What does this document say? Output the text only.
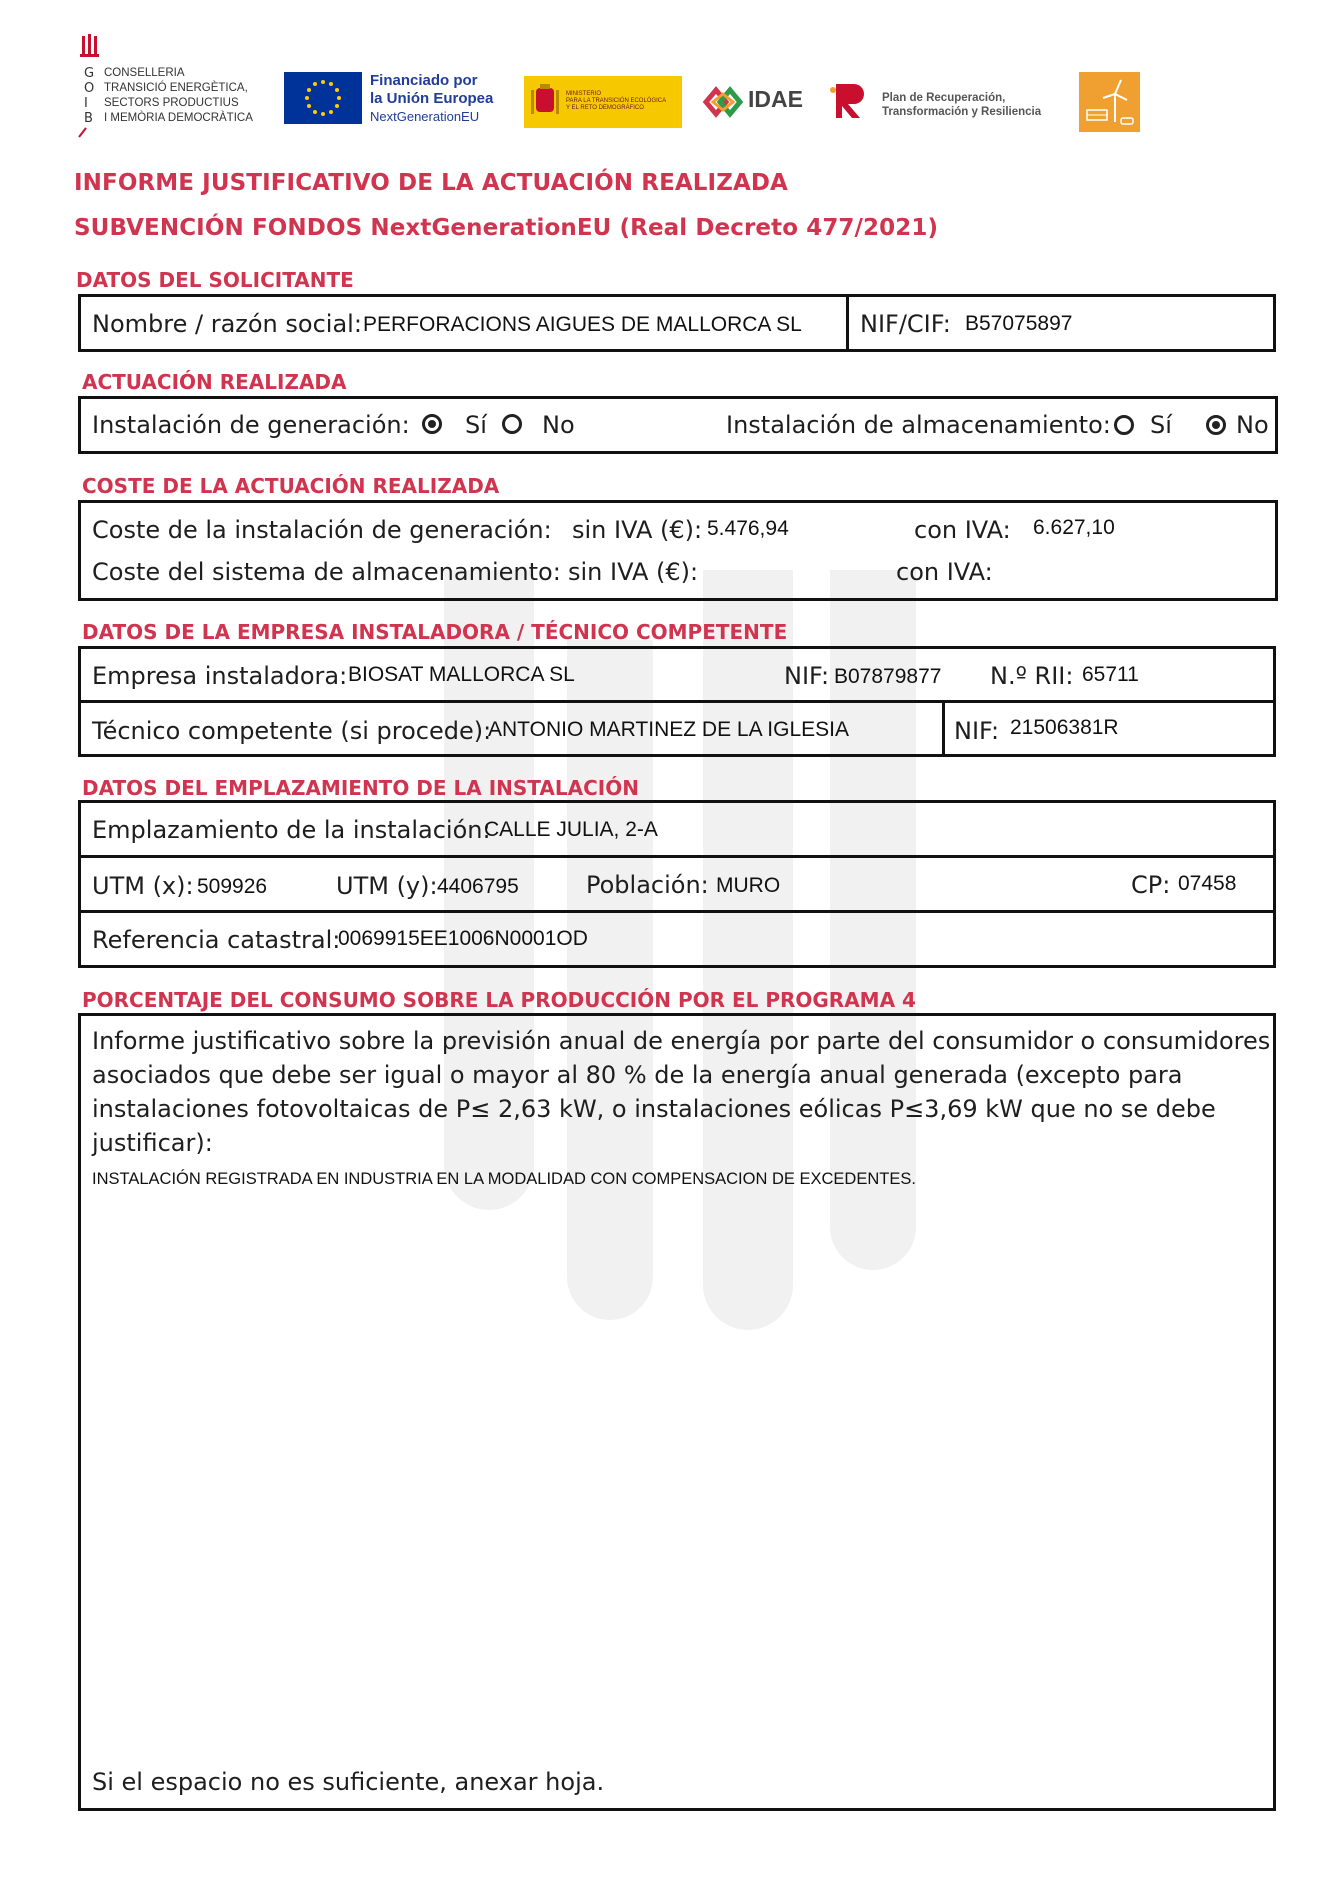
G
O
I
B
CONSELLERIA
TRANSICIÓ ENERGÈTICA,
SECTORS PRODUCTIUS
I MEMÒRIA DEMOCRÀTICA
Financiado por
la Unión Europea
NextGenerationEU
MINISTERIO
PARA LA TRANSICIÓN ECOLÓGICA
Y EL RETO DEMOGRÁFICO	IDAE	Plan de Recuperación,
Transformación y Resiliencia
INFORME JUSTIFICATIVO DE LA ACTUACIÓN REALIZADA
SUBVENCIÓN FONDOS NextGenerationEU (Real Decreto 477/2021)
DATOS DEL SOLICITANTE
Nombre / razón social: PERFORACIONS AIGUES DE MALLORCA SL NIF/CIF: B57075897
ACTUACIÓN REALIZADA
Instalación de generación: Sí No	Instalación de almacenamiento: Sí	No
COSTE DE LA ACTUACIÓN REALIZADA
Coste de la instalación de generación: sin IVA (€): 5.476,94	con IVA: 6.627,10
Coste del sistema de almacenamiento: sin IVA (€):	con IVA:
DATOS DE LA EMPRESA INSTALADORA / TÉCNICO COMPETENTE
Empresa instaladora: BIOSAT MALLORCA SL	NIF: B07879877 N.º RII: 65711
Técnico competente (si procede):
ANTONIO MARTINEZ DE LA IGLESIA	NIF: 21506381R
DATOS DEL EMPLAZAMIENTO DE LA INSTALACIÓN
Emplazamiento de la instalación:
CALLE JULIA, 2-A
UTM (x): 509926	UTM (y): 4406795	Población: MURO	CP: 07458
Referencia catastral:
0069915EE1006N0001OD
PORCENTAJE DEL CONSUMO SOBRE LA PRODUCCIÓN POR EL PROGRAMA 4
Informe justificativo sobre la previsión anual de energía por parte del consumidor o consumidores
asociados que debe ser igual o mayor al 80 % de la energía anual generada (excepto para
instalaciones fotovoltaicas de P≤ 2,63 kW, o instalaciones eólicas P≤3,69 kW que no se debe
justificar):
INSTALACIÓN REGISTRADA EN INDUSTRIA EN LA MODALIDAD CON COMPENSACION DE EXCEDENTES.
Si el espacio no es suficiente, anexar hoja.
